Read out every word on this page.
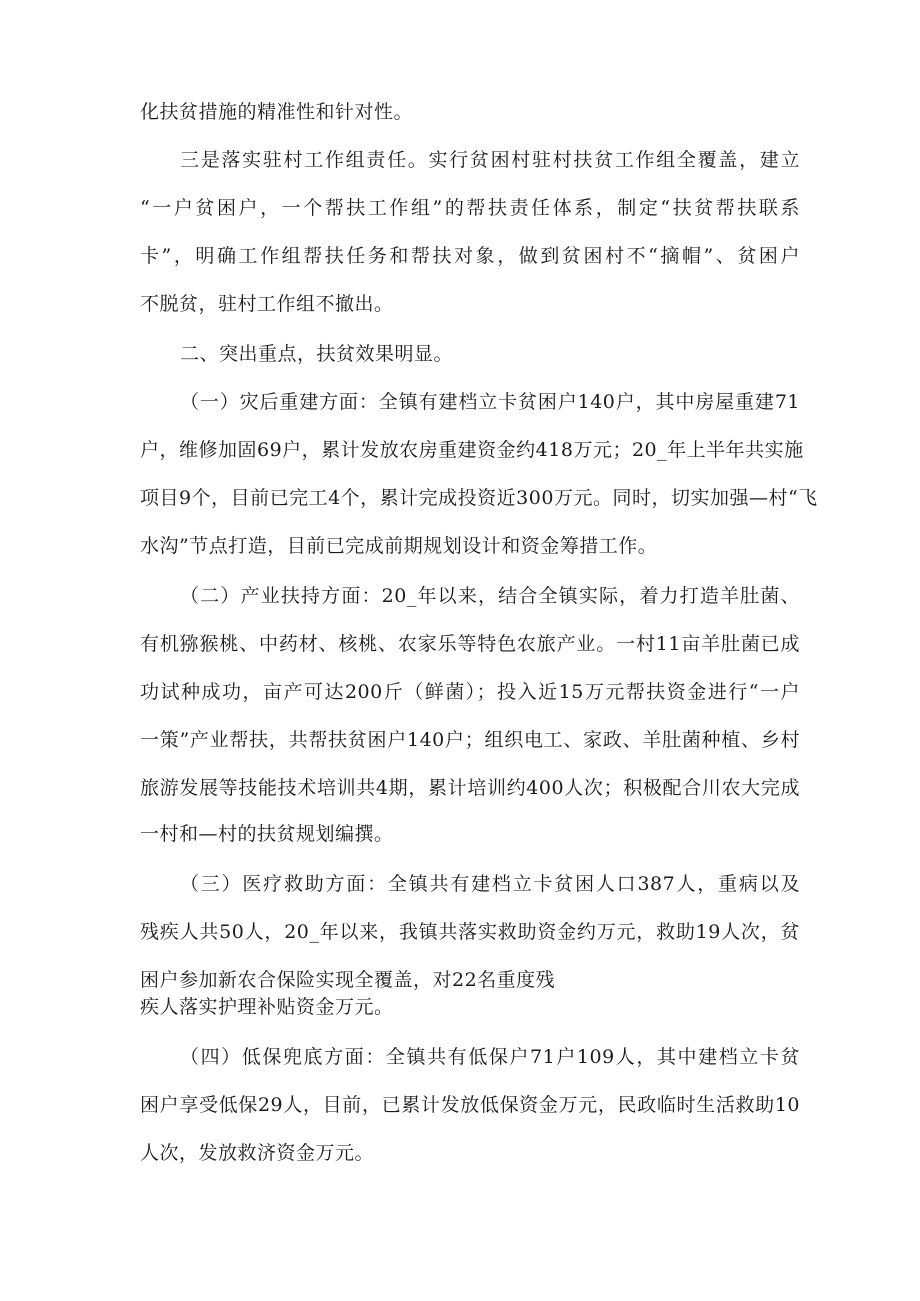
化扶贫措施的精准性和针对性。
三是落实驻村工作组责任。实行贫困村驻村扶贫工作组全覆盖，建立
“一户贫困户，一个帮扶工作组”的帮扶责任体系，制定“扶贫帮扶联系
卡”，明确工作组帮扶任务和帮扶对象，做到贫困村不“摘帽”、贫困户
不脱贫，驻村工作组不撤出。
二、突出重点，扶贫效果明显。
（一）灾后重建方面：全镇有建档立卡贫困户140户，其中房屋重建71
户，维修加固69户，累计发放农房重建资金约418万元；20_年上半年共实施
项目9个，目前已完工4个，累计完成投资近300万元。同时，切实加强—村“飞
水沟”节点打造，目前已完成前期规划设计和资金筹措工作。
（二）产业扶持方面：20_年以来，结合全镇实际，着力打造羊肚菌、
有机猕猴桃、中药材、核桃、农家乐等特色农旅产业。一村11亩羊肚菌已成
功试种成功，亩产可达200斤（鲜菌）；投入近15万元帮扶资金进行“一户
一策”产业帮扶，共帮扶贫困户140户；组织电工、家政、羊肚菌种植、乡村
旅游发展等技能技术培训共4期，累计培训约400人次；积极配合川农大完成
一村和—村的扶贫规划编撰。
（三）医疗救助方面：全镇共有建档立卡贫困人口387人，重病以及
残疾人共50人，20_年以来，我镇共落实救助资金约万元，救助19人次，贫
困户参加新农合保险实现全覆盖，对22名重度残
疾人落实护理补贴资金万元。
（四）低保兜底方面：全镇共有低保户71户109人，其中建档立卡贫
困户享受低保29人，目前，已累计发放低保资金万元，民政临时生活救助10
人次，发放救济资金万元。
